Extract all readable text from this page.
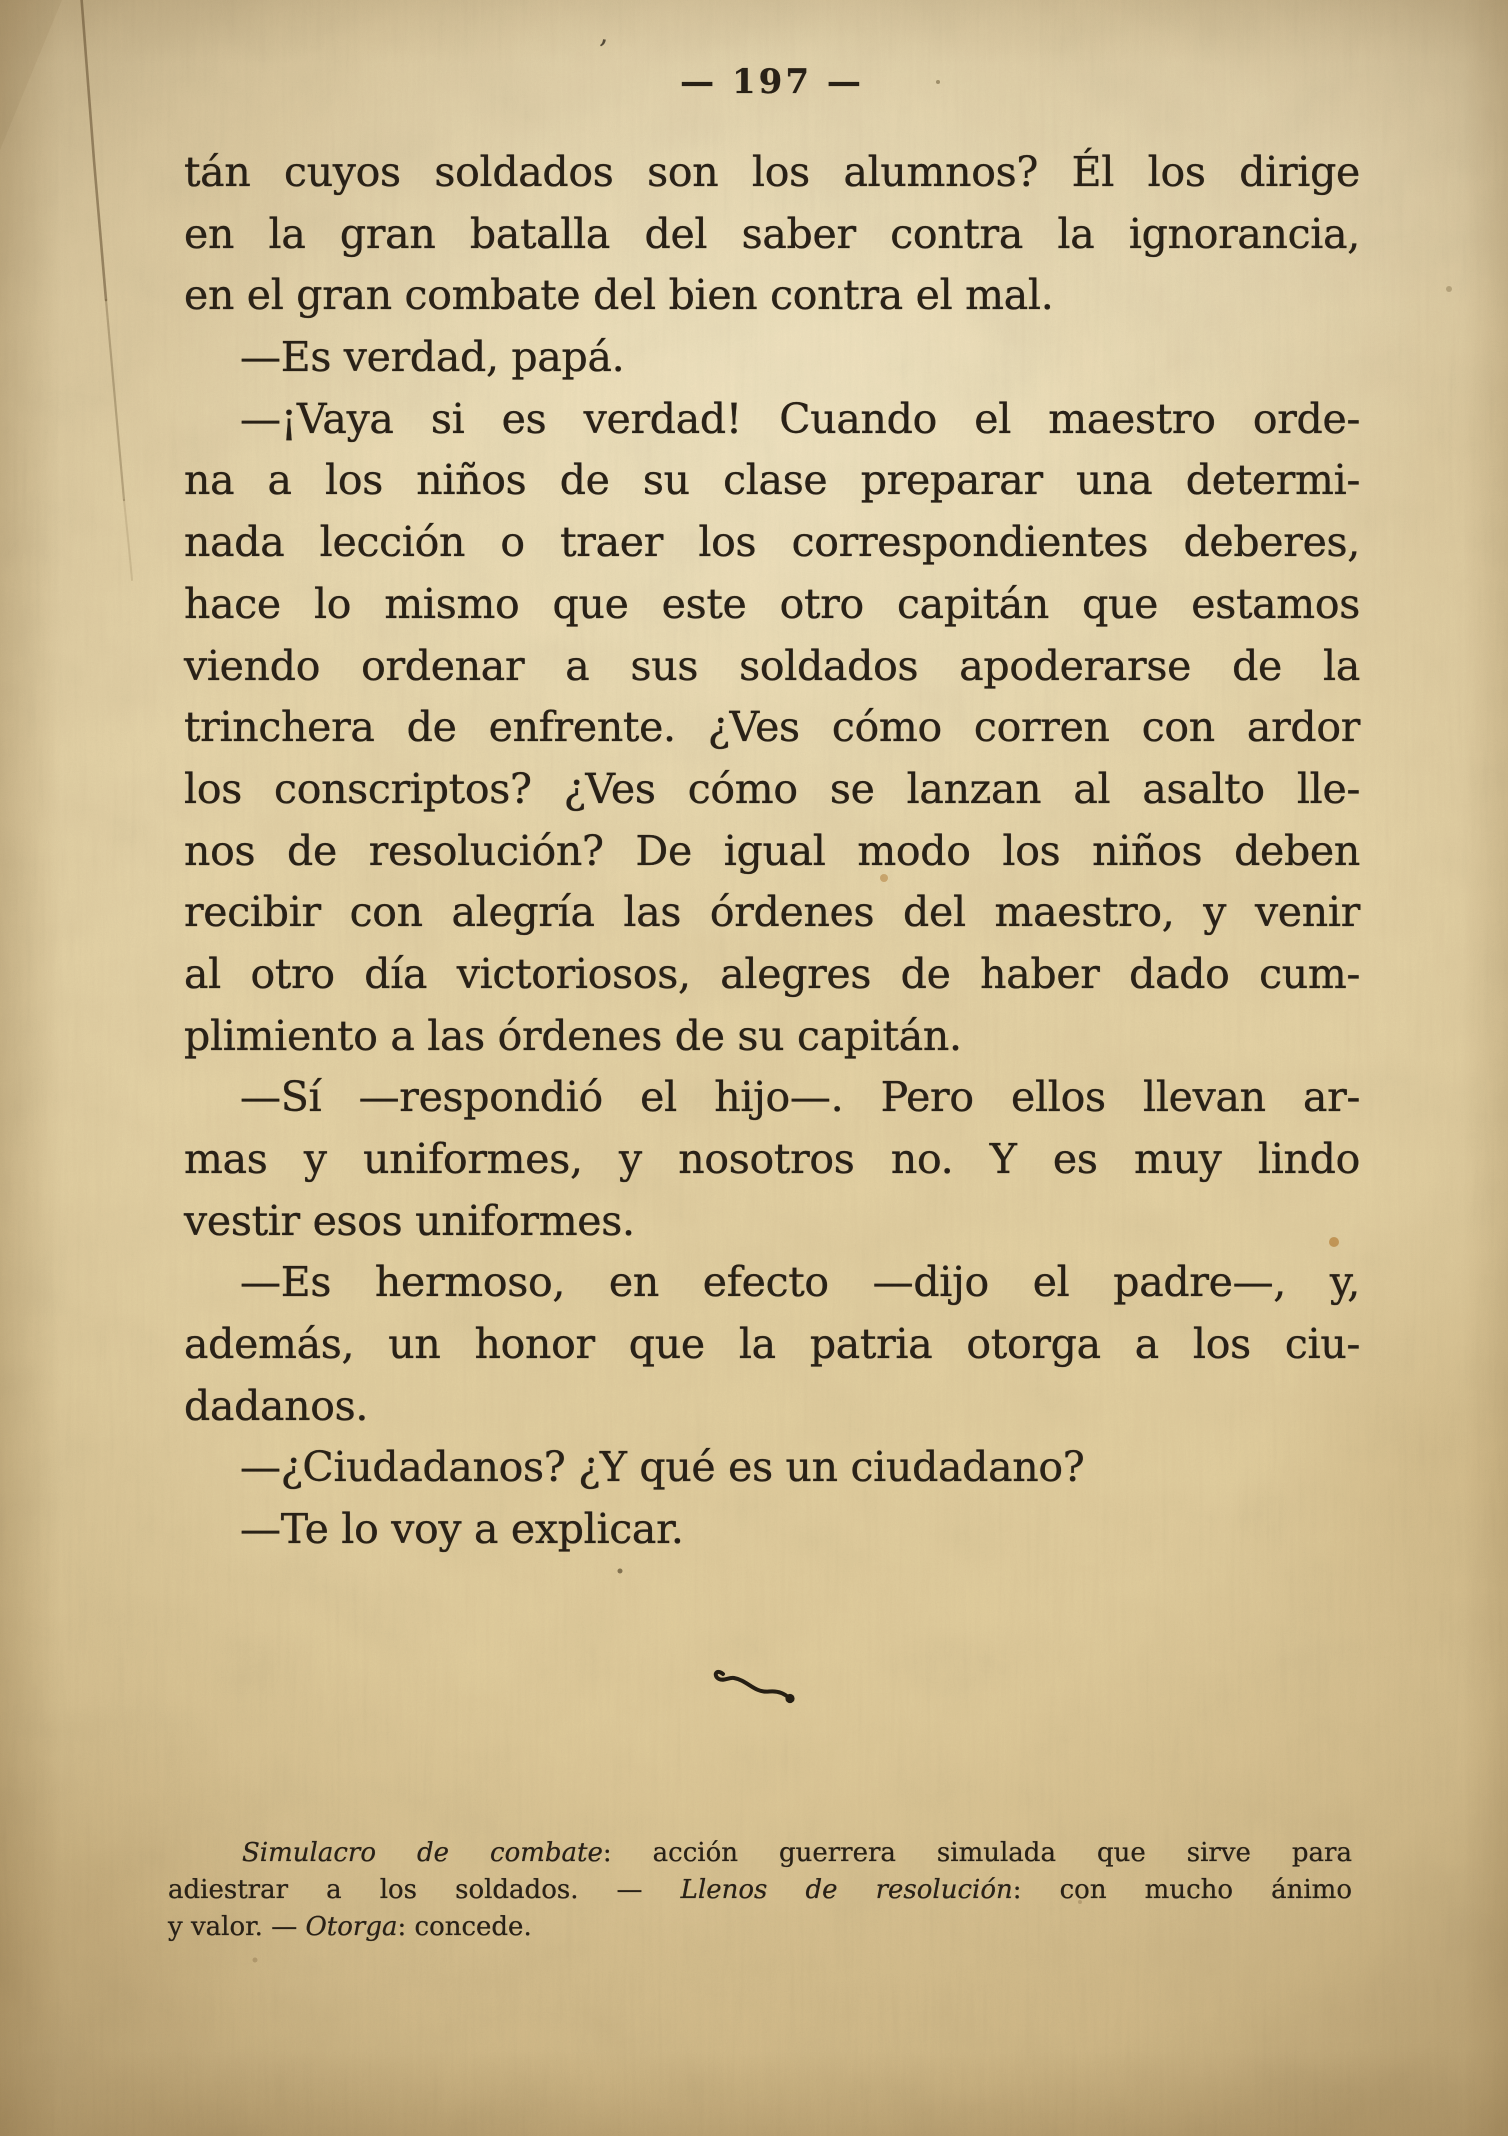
— 197 —
’
tán cuyos soldados son los alumnos? Él los dirige
en la gran batalla del saber contra la ignorancia,
en el gran combate del bien contra el mal.
—Es verdad, papá.
—¡Vaya si es verdad! Cuando el maestro orde-
na a los niños de su clase preparar una determi-
nada lección o traer los correspondientes deberes,
hace lo mismo que este otro capitán que estamos
viendo ordenar a sus soldados apoderarse de la
trinchera de enfrente. ¿Ves cómo corren con ardor
los conscriptos? ¿Ves cómo se lanzan al asalto lle-
nos de resolución? De igual modo los niños deben
recibir con alegría las órdenes del maestro, y venir
al otro día victoriosos, alegres de haber dado cum-
plimiento a las órdenes de su capitán.
—Sí —respondió el hijo—. Pero ellos llevan ar-
mas y uniformes, y nosotros no. Y es muy lindo
vestir esos uniformes.
—Es hermoso, en efecto —dijo el padre—, y,
además, un honor que la patria otorga a los ciu-
dadanos.
—¿Ciudadanos? ¿Y qué es un ciudadano?
—Te lo voy a explicar.
Simulacro de combate: acción guerrera simulada que sirve para
adiestrar a los soldados. — Llenos de resolución: con mucho ánimo
y valor. — Otorga: concede.
